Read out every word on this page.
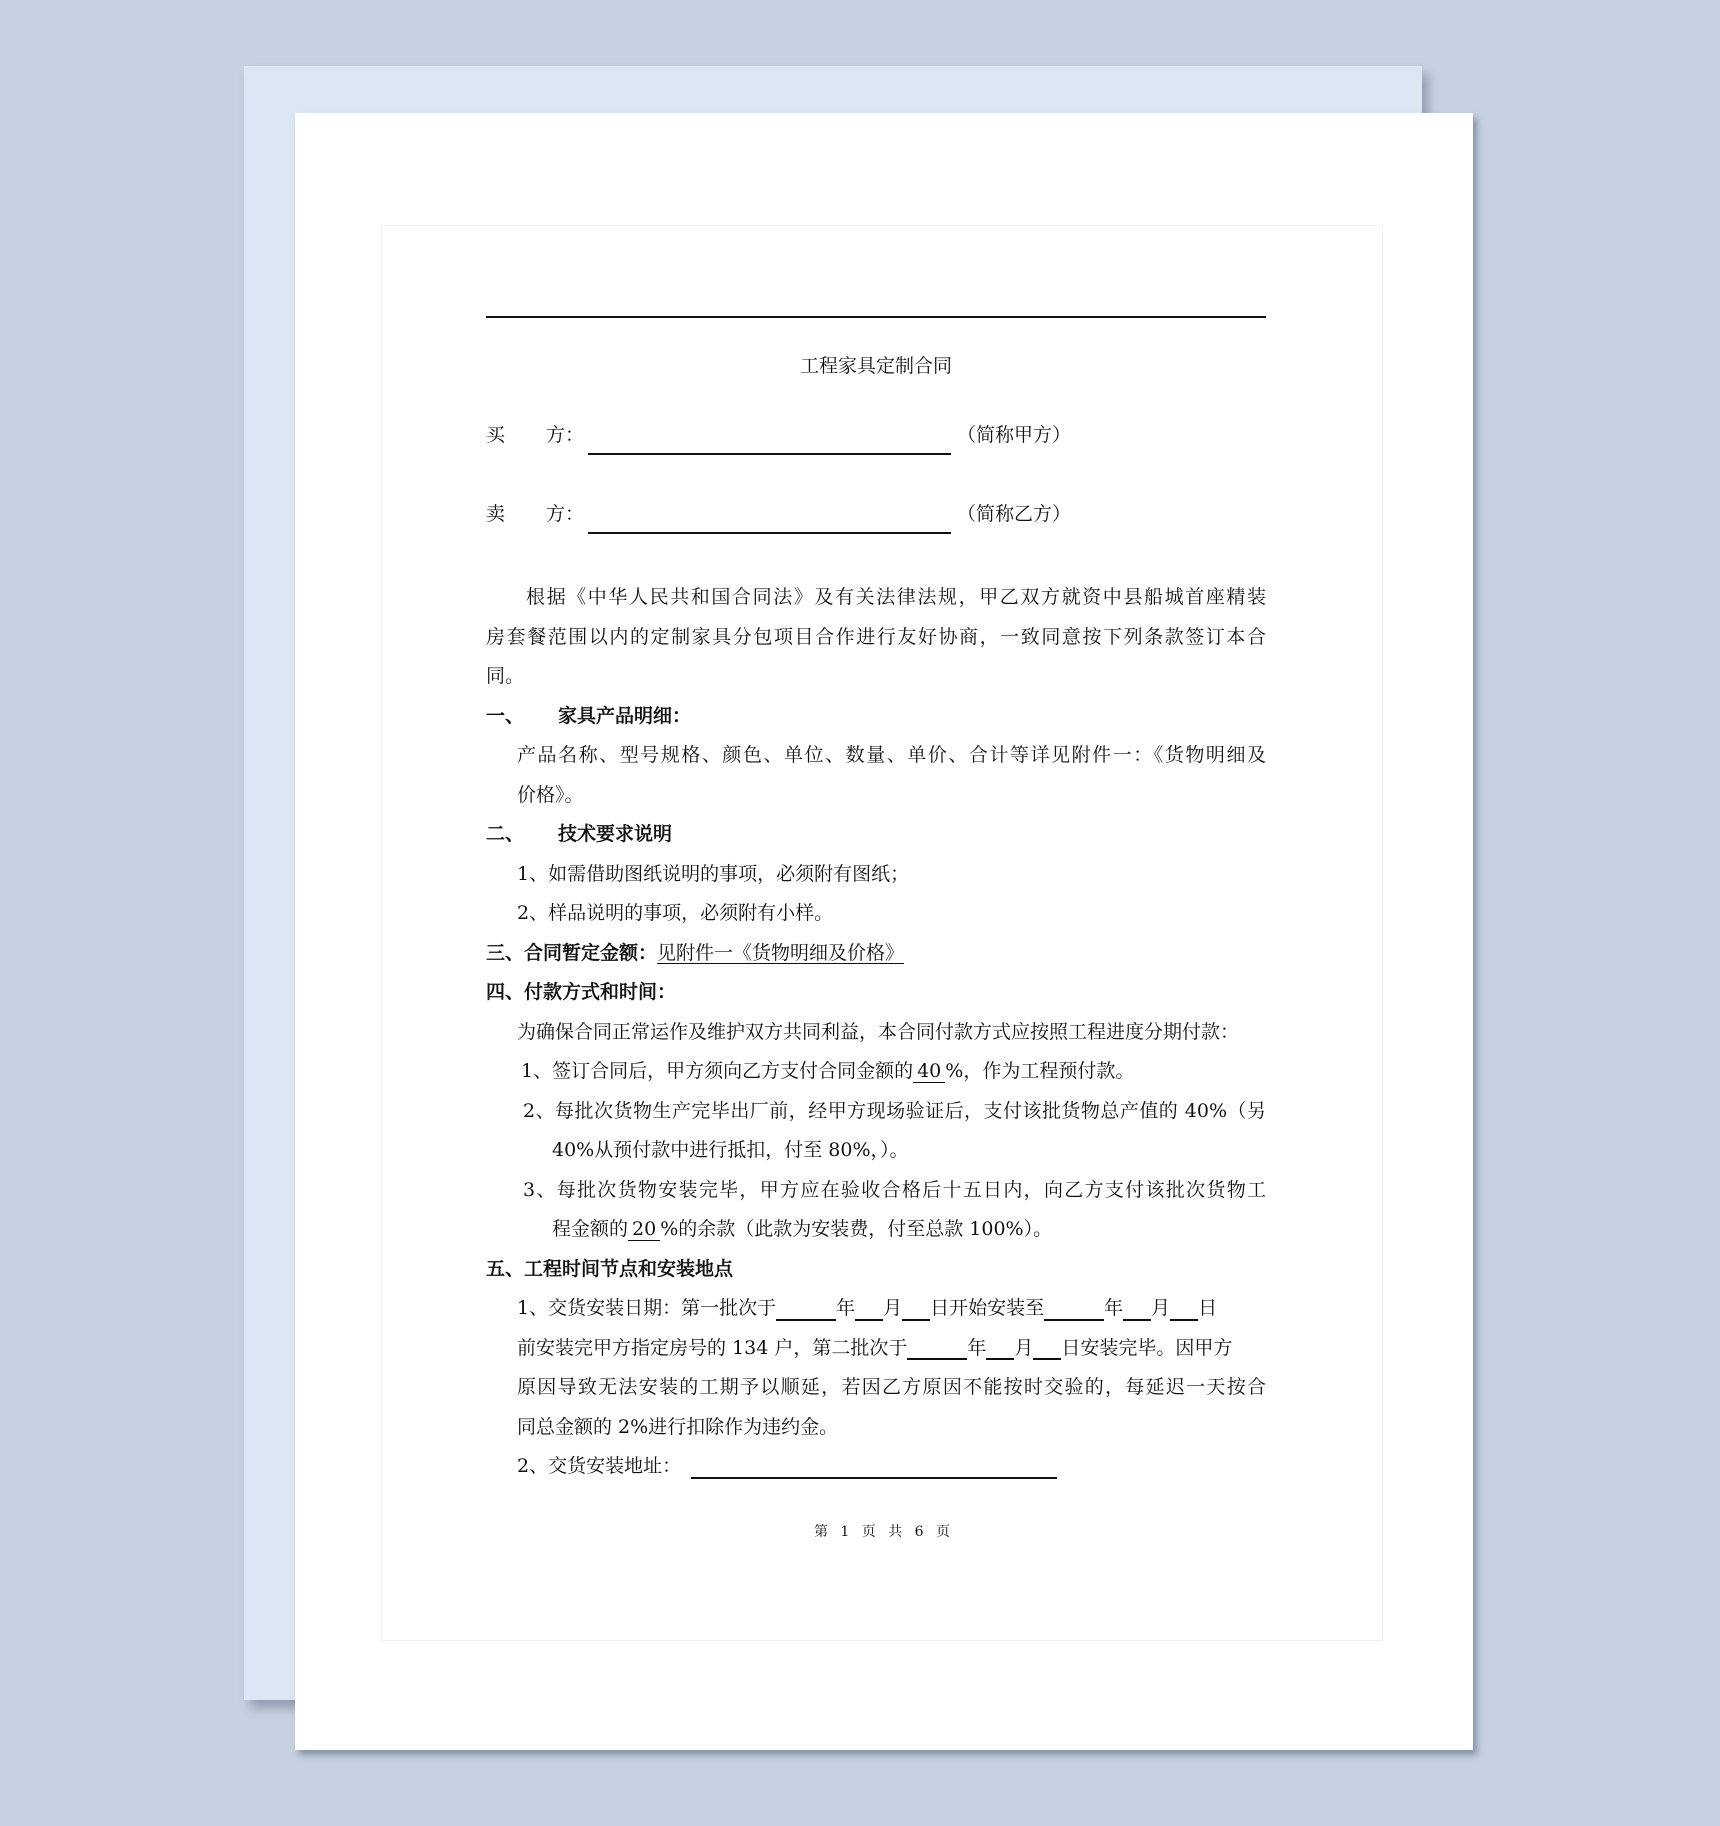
工程家具定制合同
买	方：	（简称甲方）
卖	方：	（简称乙方）
根据《中华人民共和国合同法》及有关法律法规，甲乙双方就资中县船城首座精装
房套餐范围以内的定制家具分包项目合作进行友好协商，一致同意按下列条款签订本合
同。
一、 家具产品明细：
产品名称、型号规格、颜色、单位、数量、单价、合计等详见附件一：《货物明细及
价格》。
二、 技术要求说明
1、如需借助图纸说明的事项，必须附有图纸；
2、样品说明的事项，必须附有小样。
三、合同暂定金额：见附件一《货物明细及价格》
四、付款方式和时间：
为确保合同正常运作及维护双方共同利益，本合同付款方式应按照工程进度分期付款：
1、签订合同后，甲方须向乙方支付合同金额的 40 %，作为工程预付款。
2、每批次货物生产完毕出厂前，经甲方现场验证后，支付该批货物总产值的 40%（另
40%从预付款中进行抵扣，付至 80%，）。
3、每批次货物安装完毕，甲方应在验收合格后十五日内，向乙方支付该批次货物工
程金额的 20 %的余款（此款为安装费，付至总款 100%）。
五、工程时间节点和安装地点
1、交货安装日期：第一批次于	年 月 日开始安装至	年 月 日
前安装完甲方指定房号的 134 户，第二批次于	年 月 日安装完毕。因甲方
原因导致无法安装的工期予以顺延，若因乙方原因不能按时交验的，每延迟一天按合
同总金额的 2%进行扣除作为违约金。
2、交货安装地址：
第 1 页 共 6 页
